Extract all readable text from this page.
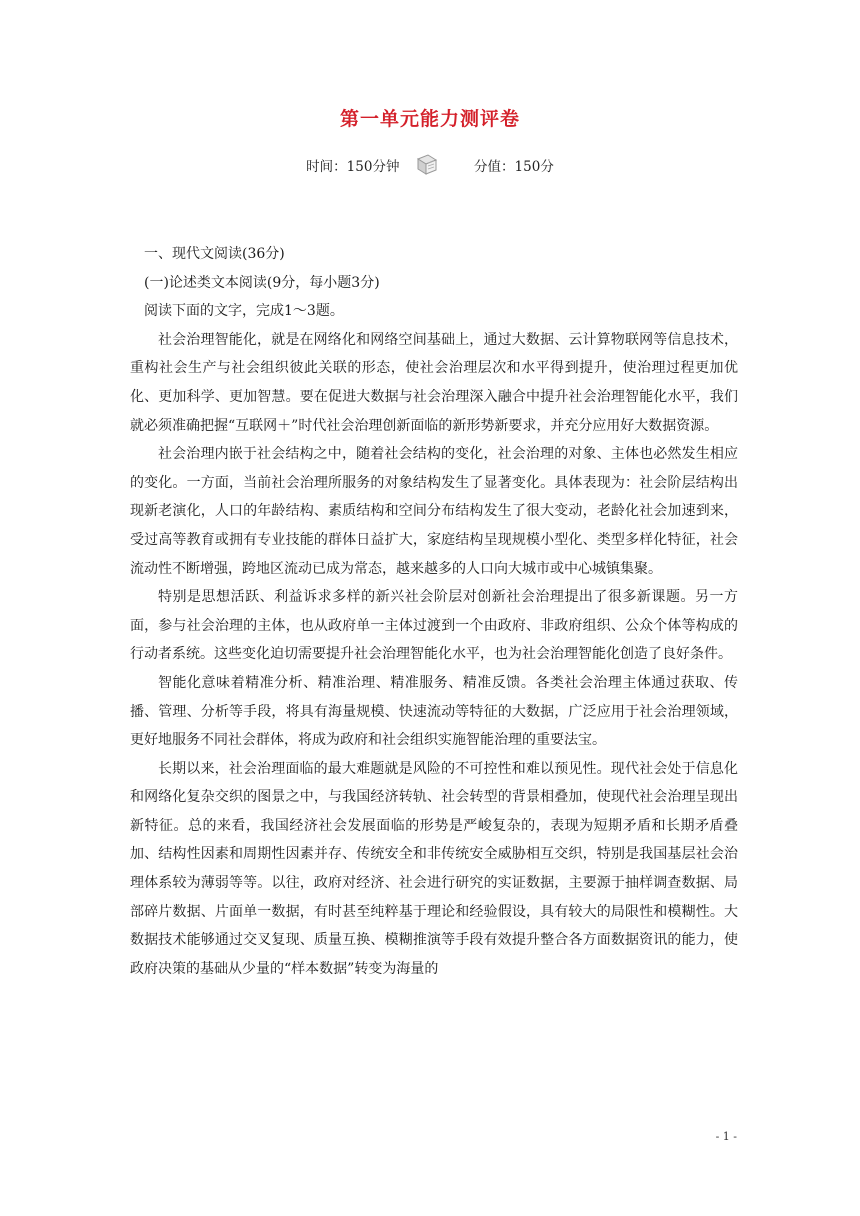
第一单元能力测评卷
时间：150分钟	分值：150分

一、现代文阅读(36分)

(一)论述类文本阅读(9分，每小题3分)

阅读下面的文字，完成1～3题。

社会治理智能化，就是在网络化和网络空间基础上，通过大数据、云计算物联网等信息技术，重构社会生产与社会组织彼此关联的形态，使社会治理层次和水平得到提升，使治理过程更加优化、更加科学、更加智慧。要在促进大数据与社会治理深入融合中提升社会治理智能化水平，我们就必须准确把握“互联网＋”时代社会治理创新面临的新形势新要求，并充分应用好大数据资源。

社会治理内嵌于社会结构之中，随着社会结构的变化，社会治理的对象、主体也必然发生相应的变化。一方面，当前社会治理所服务的对象结构发生了显著变化。具体表现为：社会阶层结构出现新老演化，人口的年龄结构、素质结构和空间分布结构发生了很大变动，老龄化社会加速到来，受过高等教育或拥有专业技能的群体日益扩大，家庭结构呈现规模小型化、类型多样化特征，社会流动性不断增强，跨地区流动已成为常态，越来越多的人口向大城市或中心城镇集聚。

特别是思想活跃、利益诉求多样的新兴社会阶层对创新社会治理提出了很多新课题。另一方面，参与社会治理的主体，也从政府单一主体过渡到一个由政府、非政府组织、公众个体等构成的行动者系统。这些变化迫切需要提升社会治理智能化水平，也为社会治理智能化创造了良好条件。

智能化意味着精准分析、精准治理、精准服务、精准反馈。各类社会治理主体通过获取、传播、管理、分析等手段，将具有海量规模、快速流动等特征的大数据，广泛应用于社会治理领域，更好地服务不同社会群体，将成为政府和社会组织实施智能治理的重要法宝。

长期以来，社会治理面临的最大难题就是风险的不可控性和难以预见性。现代社会处于信息化和网络化复杂交织的图景之中，与我国经济转轨、社会转型的背景相叠加，使现代社会治理呈现出新特征。总的来看，我国经济社会发展面临的形势是严峻复杂的，表现为短期矛盾和长期矛盾叠加、结构性因素和周期性因素并存、传统安全和非传统安全威胁相互交织，特别是我国基层社会治理体系较为薄弱等等。以往，政府对经济、社会进行研究的实证数据，主要源于抽样调查数据、局部碎片数据、片面单一数据，有时甚至纯粹基于理论和经验假设，具有较大的局限性和模糊性。大数据技术能够通过交叉复现、质量互换、模糊推演等手段有效提升整合各方面数据资讯的能力，使政府决策的基础从少量的“样本数据”转变为海量的

- 1 -
